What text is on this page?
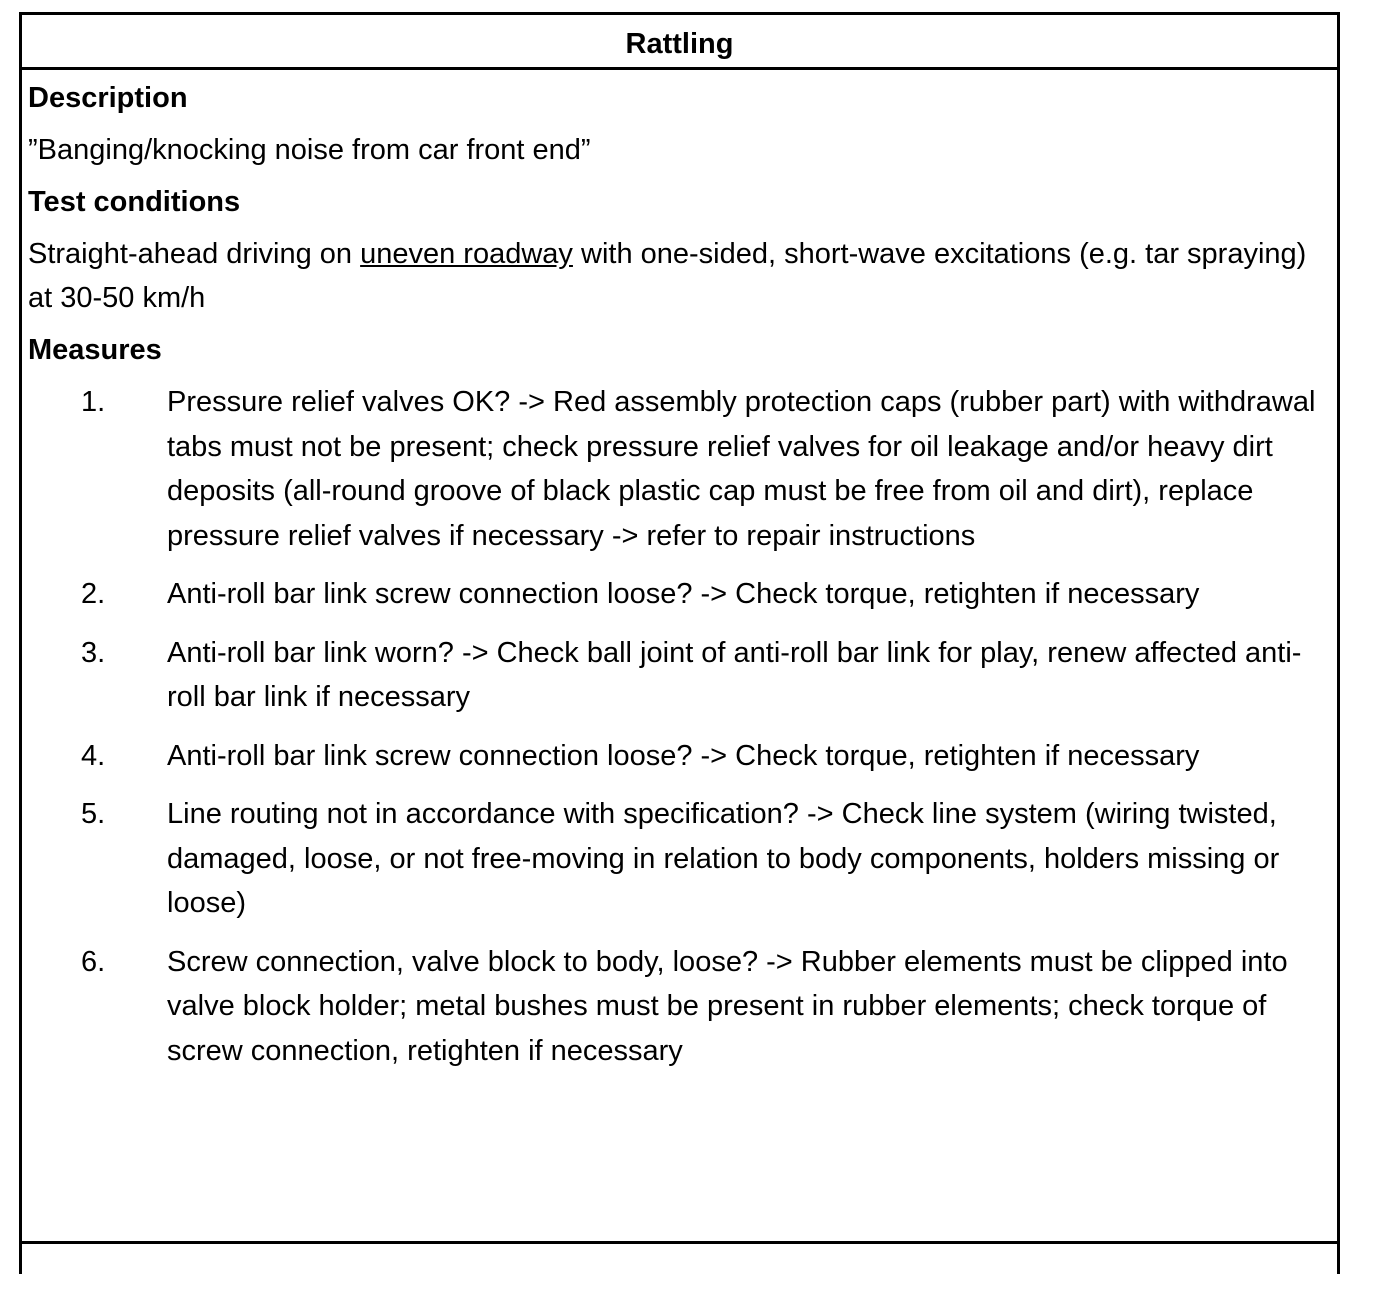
Rattling
Description

”Banging/knocking noise from car front end”

Test conditions

Straight-ahead driving on uneven roadway with one-sided, short-wave excitations (e.g. tar spraying) at 30-50 km/h

Measures
1.	Pressure relief valves OK? -> Red assembly protection caps (rubber part) with withdrawal tabs must not be present; check pressure relief valves for oil leakage and/or heavy dirt deposits (all-round groove of black plastic cap must be free from oil and dirt), replace pressure relief valves if necessary -> refer to repair instructions
2.	Anti-roll bar link screw connection loose? -> Check torque, retighten if necessary
3.	Anti-roll bar link worn? -> Check ball joint of anti-roll bar link for play, renew affected anti-roll bar link if necessary
4.	Anti-roll bar link screw connection loose? -> Check torque, retighten if necessary
5.	Line routing not in accordance with specification? -> Check line system (wiring twisted, damaged, loose, or not free-moving in relation to body components, holders missing or loose)
6.	Screw connection, valve block to body, loose? -> Rubber elements must be clipped into valve block holder; metal bushes must be present in rubber elements; check torque of screw connection, retighten if necessary
